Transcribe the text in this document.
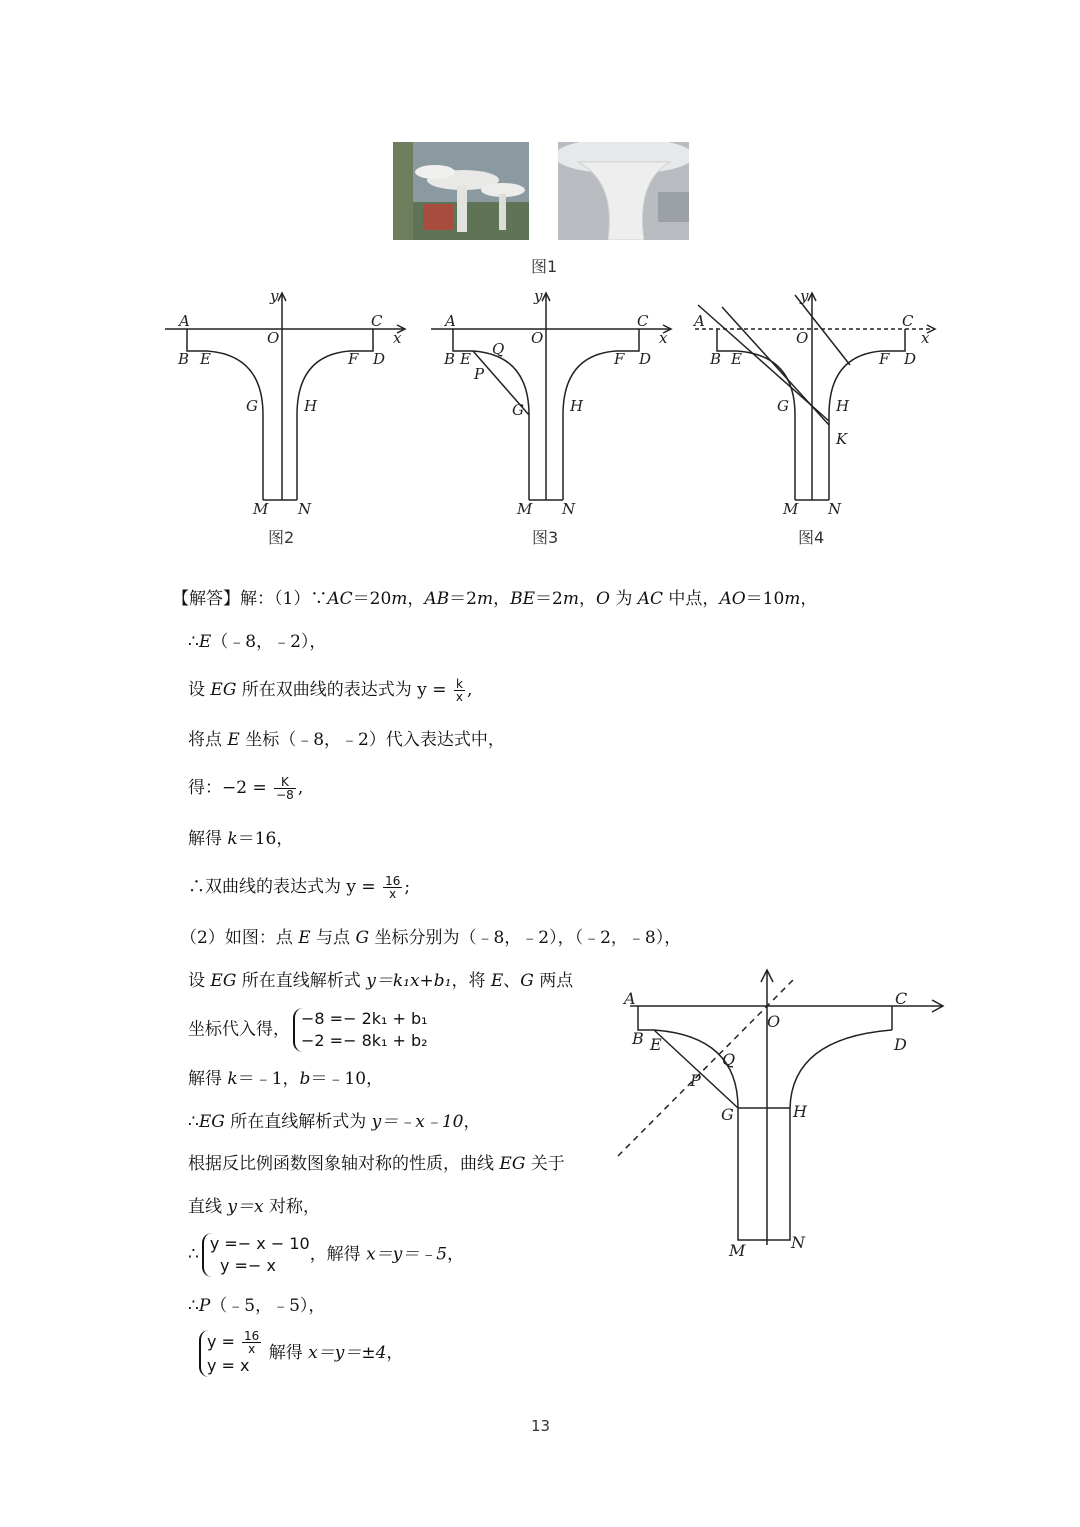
图1
y
x
A
O
C
B E	F D
G	H
M N
y
x
A
O
C
B E
Q
P
F D
G	H
M N
y
x
A
O
C
B E	F D
G	H
K
M N
图2	图3	图4
A
O
C
B E
Q
P
D
G	H
M	N
【解答】解：（1）∵AC＝20m，AB＝2m，BE＝2m，O 为 AC 中点，AO＝10m，
∴E（﹣8，﹣2），
设 EG 所在双曲线的表达式为 $y = \frac{k}{x}$ ,
将点 E 坐标（﹣8，﹣2）代入表达式中，
得：$-2 = \frac{K}{-8}$ ,
解得 k＝16，
∴双曲线的表达式为 $y = \frac{16}{x}$ ;
（2）如图：点 E 与点 G 坐标分别为（﹣8，﹣2），（﹣2，﹣8），
设 EG 所在直线解析式 y＝k₁x+b₁，将 E、G 两点
坐标代入得，−8 =− 2k₁ + b₁
−2 =− 8k₁ + b₂
解得 k＝﹣1，b＝﹣10，
∴EG 所在直线解析式为 y＝﹣x﹣10，
根据反比例函数图象轴对称的性质，曲线 EG 关于
直线 y＝x 对称，
∴y =− x − 10
y =− x，解得 x＝y＝﹣5，
∴P（﹣5，﹣5），
$y = \frac{16}{x}$

y = x 解得 x＝y＝±4，
13
